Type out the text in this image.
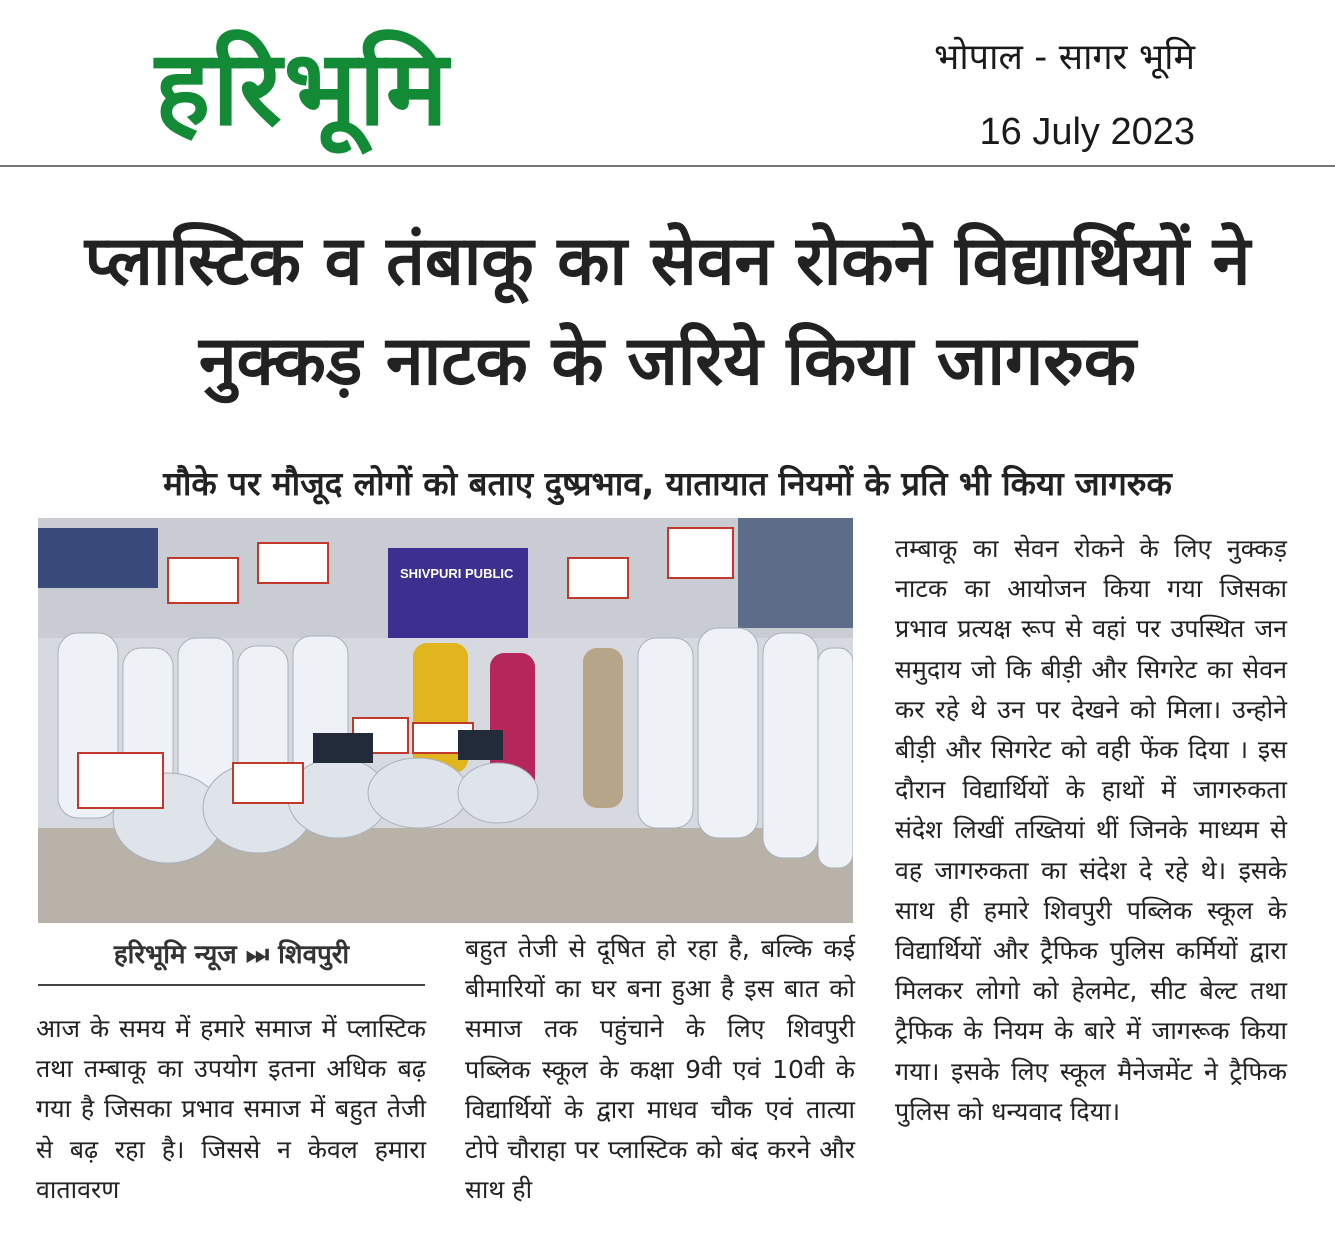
हरिभूमि	भोपाल - सागर भूमि
16 July 2023
प्लास्टिक व तंबाकू का सेवन रोकने विद्यार्थियों ने नुक्कड़ नाटक के जरिये किया जागरुक
मौके पर मौजूद लोगों को बताए दुष्प्रभाव, यातायात नियमों के प्रति भी किया जागरुक
SHIVPURI PUBLIC
हरिभूमि न्यूज ⏭ शिवपुरी
आज के समय में हमारे समाज में प्लास्टिक तथा तम्बाकू का उपयोग इतना अधिक बढ़ गया है जिसका प्रभाव समाज में बहुत तेजी से बढ़ रहा है। जिससे न केवल हमारा वातावरण
बहुत तेजी से दूषित हो रहा है, बल्कि कई बीमारियों का घर बना हुआ है इस बात को समाज तक पहुंचाने के लिए शिवपुरी पब्लिक स्कूल के कक्षा 9वी एवं 10वी के विद्यार्थियों के द्वारा माधव चौक एवं तात्या टोपे चौराहा पर प्लास्टिक को बंद करने और साथ ही
तम्बाकू का सेवन रोकने के लिए नुक्कड़ नाटक का आयोजन किया गया जिसका प्रभाव प्रत्यक्ष रूप से वहां पर उपस्थित जन समुदाय जो कि बीड़ी और सिगरेट का सेवन कर रहे थे उन पर देखने को मिला। उन्होने बीड़ी और सिगरेट को वही फेंक दिया । इस दौरान विद्यार्थियों के हाथों में जागरुकता संदेश लिखीं तख्तियां थीं जिनके माध्यम से वह जागरुकता का संदेश दे रहे थे। इसके साथ ही हमारे शिवपुरी पब्लिक स्कूल के विद्यार्थियों और ट्रैफिक पुलिस कर्मियों द्वारा मिलकर लोगो को हेलमेट, सीट बेल्ट तथा ट्रैफिक के नियम के बारे में जागरूक किया गया। इसके लिए स्कूल मैनेजमेंट ने ट्रैफिक पुलिस को धन्यवाद दिया।
